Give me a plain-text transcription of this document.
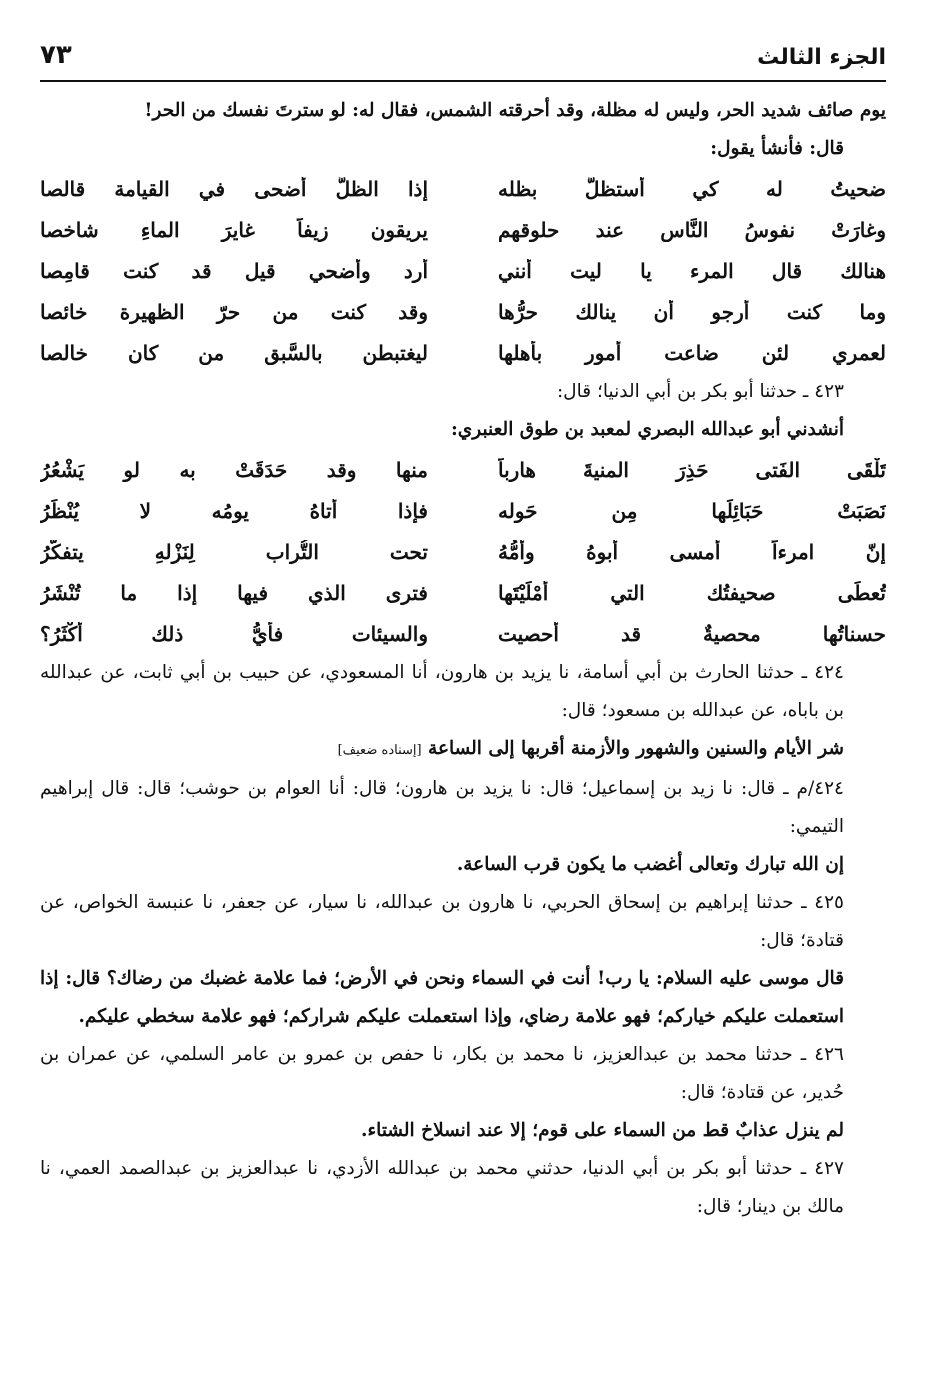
الجزء الثالث
٧٣

يوم صائف شديد الحر، وليس له مظلة، وقد أحرقته الشمس، فقال له: لو سترتَ نفسك من الحر!

قال: فأنشأ يقول:

ضحيتُ له كي أستظلَّ بظله
إذا الظلُّ أضحى في القيامة قالصا
وغارَتْ نفوسُ النَّاسِ عند حلوقهم
يريقون زيفاً غايرَ الماءِ شاخصا
هنالك قال المرء يا ليت أنني
أرد وأضحي قيل قد كنت قامِصا
وما كنت أرجو أن ينالك حرُّها
وقد كنت من حرّ الظهيرة خائصا
لعمري لئن ضاعت أمور بأهلها
ليغتبطن بالسَّبقِ من كان خالصا

٤٢٣ ـ حدثنا أبو بكر بن أبي الدنيا؛ قال:

أنشدني أبو عبدالله البصري لمعبد بن طوق العنبري:

تَلْقَى الفَتى حَذِرَ المنيةَ هارباً
منها وقد حَدَقَتْ به لو يَشْعُرُ
نَصَبَتْ حَبَائِلَها مِن حَوله
فإذا أتاهُ يومُه لا يُنْظَرُ
إنّ امرءاً أمسى أبوهُ وأمُّهُ
تحت التُّراب لِنَزْلهِ يتفكَّرُ
تُعطَى صحيفتُك التي أمْلَيْتَها
فترى الذي فيها إذا ما تُنْشَرُ
حسناتُها محصيةٌ قد أُحصيت
والسيئات فأيُّ ذلك أكْثَرُ؟

٤٢٤ ـ حدثنا الحارث بن أبي أسامة، نا يزيد بن هارون، أنا المسعودي، عن حبيب بن أبي ثابت، عن عبدالله بن باباه، عن عبدالله بن مسعود؛ قال:

شر الأيام والسنين والشهور والأزمنة أقربها إلى الساعة [إسناده ضعيف]

٤٢٤/م ـ قال: نا زيد بن إسماعيل؛ قال: نا يزيد بن هارون؛ قال: أنا العوام بن حوشب؛ قال: قال إبراهيم التيمي:

إن الله تبارك وتعالى أغضب ما يكون قرب الساعة.

٤٢٥ ـ حدثنا إبراهيم بن إسحاق الحربي، نا هارون بن عبدالله، نا سيار، عن جعفر، نا عنبسة الخواص، عن قتادة؛ قال:

قال موسى عليه السلام: يا رب! أنت في السماء ونحن في الأرض؛ فما علامة غضبك من رضاك؟ قال: إذا استعملت عليكم خياركم؛ فهو علامة رضاي، وإذا استعملت عليكم شراركم؛ فهو علامة سخطي عليكم.

٤٢٦ ـ حدثنا محمد بن عبدالعزيز، نا محمد بن بكار، نا حفص بن عمرو بن عامر السلمي، عن عمران بن حُدير، عن قتادة؛ قال:

لم ينزل عذابٌ قط من السماء على قوم؛ إلا عند انسلاخ الشتاء.

٤٢٧ ـ حدثنا أبو بكر بن أبي الدنيا، حدثني محمد بن عبدالله الأزدي، نا عبدالعزيز بن عبدالصمد العمي، نا مالك بن دينار؛ قال:
